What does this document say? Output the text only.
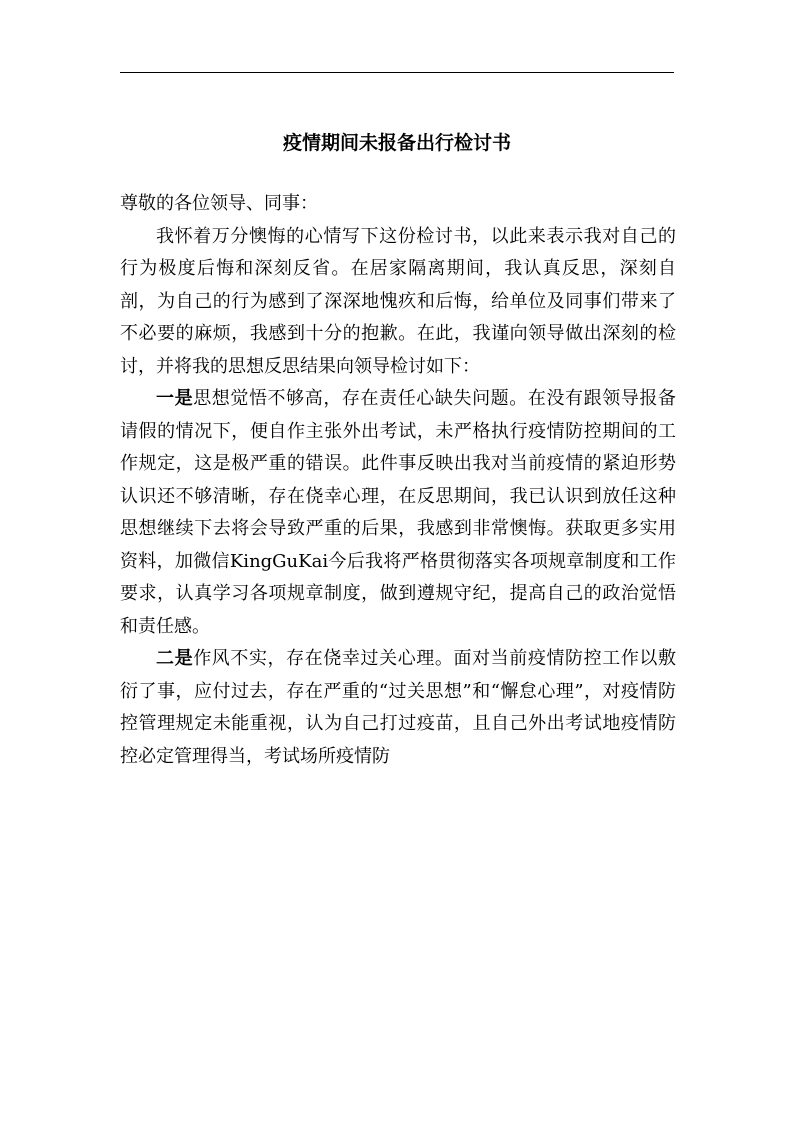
疫情期间未报备出行检讨书

尊敬的各位领导、同事：

我怀着万分懊悔的心情写下这份检讨书，以此来表示我对自己的行为极度后悔和深刻反省。在居家隔离期间，我认真反思，深刻自剖，为自己的行为感到了深深地愧疚和后悔，给单位及同事们带来了不必要的麻烦，我感到十分的抱歉。在此，我谨向领导做出深刻的检讨，并将我的思想反思结果向领导检讨如下：

一是思想觉悟不够高，存在责任心缺失问题。在没有跟领导报备请假的情况下，便自作主张外出考试，未严格执行疫情防控期间的工作规定，这是极严重的错误。此件事反映出我对当前疫情的紧迫形势认识还不够清晰，存在侥幸心理，在反思期间，我已认识到放任这种思想继续下去将会导致严重的后果，我感到非常懊悔。获取更多实用资料，加微信KingGuKai今后我将严格贯彻落实各项规章制度和工作要求，认真学习各项规章制度，做到遵规守纪，提高自己的政治觉悟和责任感。

二是作风不实，存在侥幸过关心理。面对当前疫情防控工作以敷衍了事，应付过去，存在严重的“过关思想”和“懈怠心理”，对疫情防控管理规定未能重视，认为自己打过疫苗，且自己外出考试地疫情防控必定管理得当，考试场所疫情防
